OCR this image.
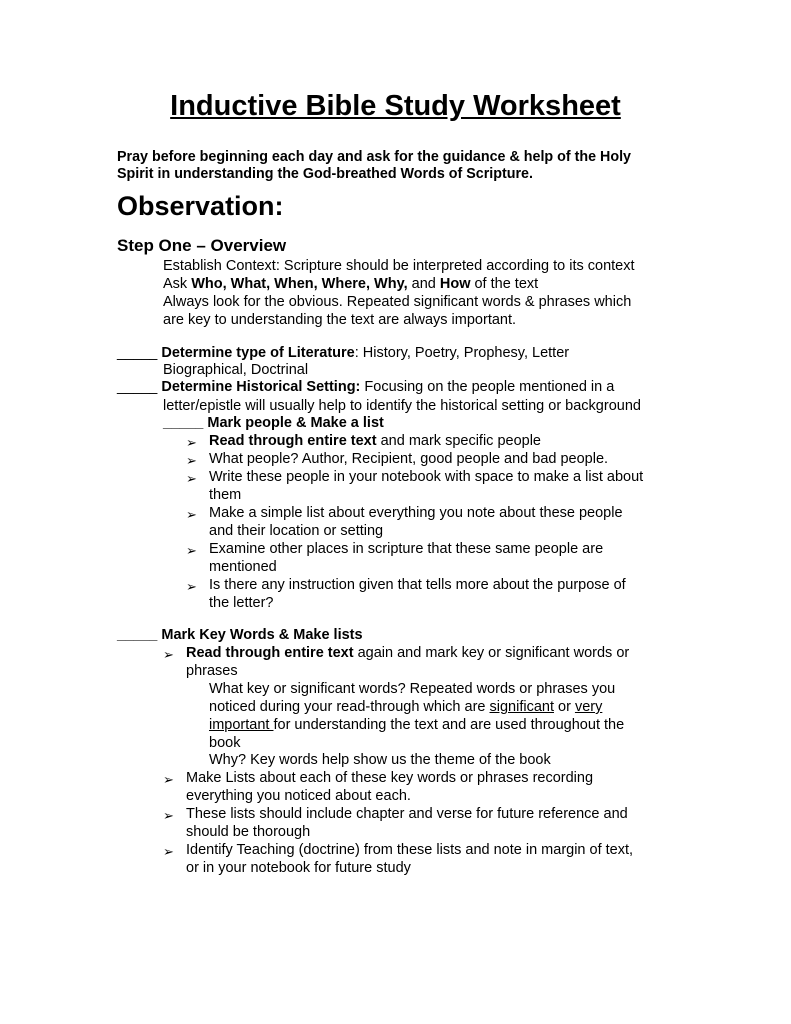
Inductive Bible Study Worksheet
Pray before beginning each day and ask for the guidance & help of the Holy
Spirit in understanding the God-breathed Words of Scripture.
Observation:
Step One – Overview
Establish Context: Scripture should be interpreted according to its context
Ask Who, What, When, Where, Why, and How of the text
Always look for the obvious. Repeated significant words & phrases which
are key to understanding the text are always important.
_____ Determine type of Literature: History, Poetry, Prophesy, Letter
Biographical, Doctrinal
_____ Determine Historical Setting: Focusing on the people mentioned in a
letter/epistle will usually help to identify the historical setting or background
_____ Mark people & Make a list
➢ Read through entire text and mark specific people
➢ What people? Author, Recipient, good people and bad people.
➢ Write these people in your notebook with space to make a list about
them
➢ Make a simple list about everything you note about these people
and their location or setting
➢ Examine other places in scripture that these same people are
mentioned
➢ Is there any instruction given that tells more about the purpose of
the letter?
_____ Mark Key Words & Make lists
➢ Read through entire text again and mark key or significant words or
phrases
What key or significant words? Repeated words or phrases you
noticed during your read-through which are significant or very
important for understanding the text and are used throughout the
book
Why? Key words help show us the theme of the book
➢ Make Lists about each of these key words or phrases recording
everything you noticed about each.
➢ These lists should include chapter and verse for future reference and
should be thorough
➢ Identify Teaching (doctrine) from these lists and note in margin of text,
or in your notebook for future study
